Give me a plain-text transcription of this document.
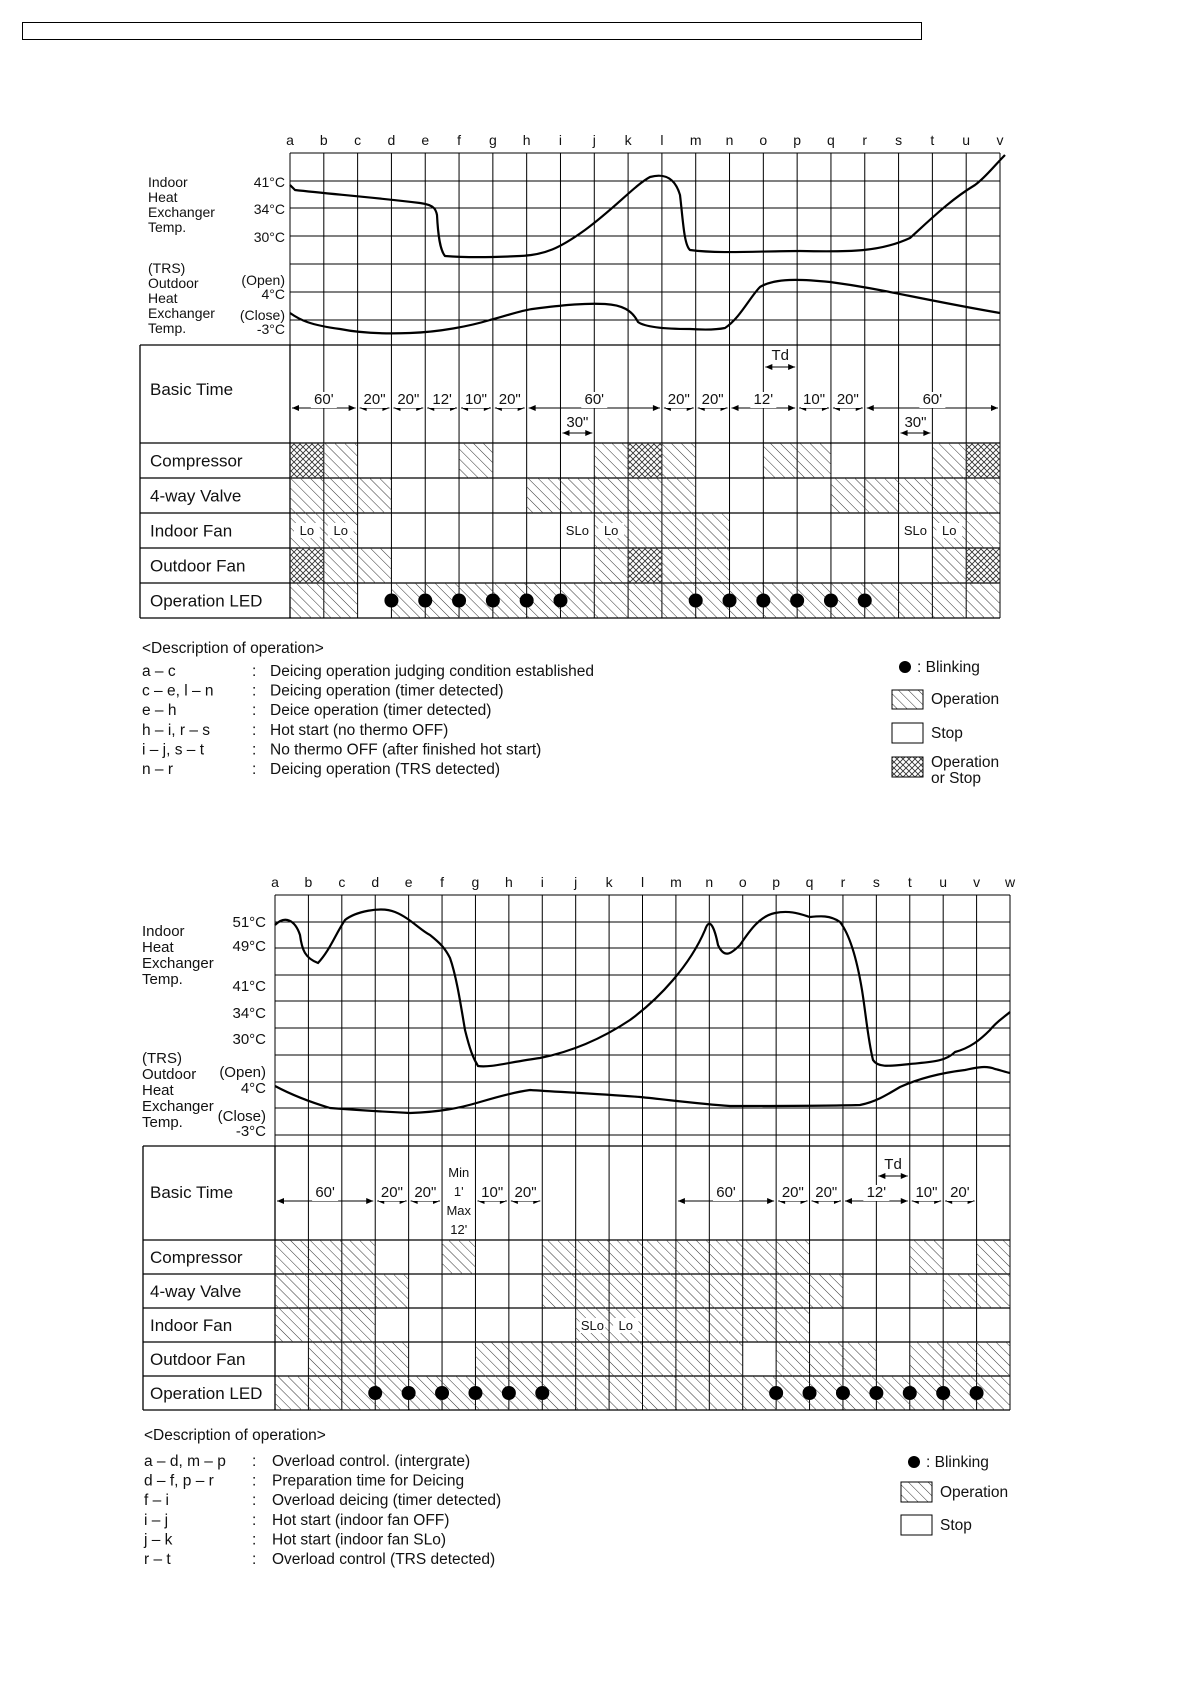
a b c d e f g h i j k l m n o p q r s t u v
Lo Lo	SLo Lo	SLo Lo
Indoor
Heat
Exchanger
Temp.
(TRS)
Outdoor
Heat
Exchanger
Temp.
41°C
34°C
30°C
(Open)
4°C
(Close)
-3°C
60' 20" 20" 12' 10" 20"	60'	20" 20" 12' 10" 20"	60'
30"	30"
Td
Basic Time
Compressor
4-way Valve
Indoor Fan
Outdoor Fan
Operation LED
<Description of operation>
a – c	: Deicing operation judging condition established
c – e, l – n : Deicing operation (timer detected)
e – h	: Deice operation (timer detected)
h – i, r – s	: Hot start (no thermo OFF)
i – j, s – t	: No thermo OFF (after finished hot start)
n – r	: Deicing operation (TRS detected)
: Blinking
Operation
Stop
Operation
or Stop
a b c d e f g h i j k l m n o p q r s t u v w
SLo Lo
Indoor
Heat
Exchanger
Temp.
(TRS)
Outdoor
Heat
Exchanger
Temp.
51°C
49°C
41°C
34°C
30°C
(Open)
4°C
(Close)
-3°C
60'	20" 20"	10" 20"	60'	20" 20" 12' 10" 20'
Min
1'
Max
12'
Td
Basic Time
Compressor
4-way Valve
Indoor Fan
Outdoor Fan
Operation LED
<Description of operation>
a – d, m – p : Overload control. (intergrate)
d – f, p – r : Preparation time for Deicing
f – i	: Overload deicing (timer detected)
i – j	: Hot start (indoor fan OFF)
j – k	: Hot start (indoor fan SLo)
r – t	: Overload control (TRS detected)
: Blinking
Operation
Stop
